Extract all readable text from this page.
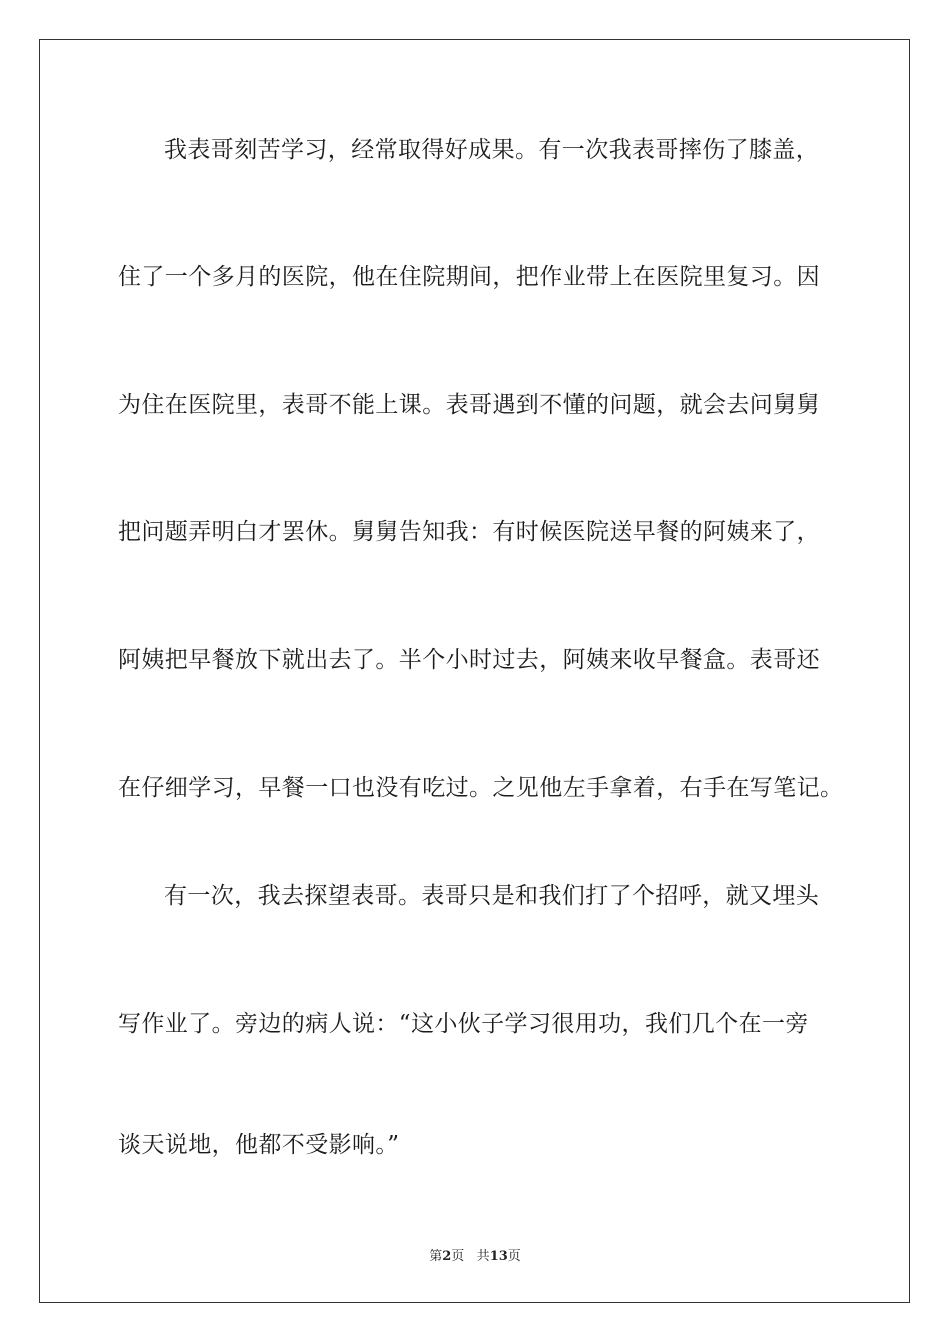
我表哥刻苦学习，经常取得好成果。有一次我表哥摔伤了膝盖，
住了一个多月的医院，他在住院期间，把作业带上在医院里复习。因
为住在医院里，表哥不能上课。表哥遇到不懂的问题，就会去问舅舅
把问题弄明白才罢休。舅舅告知我：有时候医院送早餐的阿姨来了，
阿姨把早餐放下就出去了。半个小时过去，阿姨来收早餐盒。表哥还
在仔细学习，早餐一口也没有吃过。之见他左手拿着，右手在写笔记。
有一次，我去探望表哥。表哥只是和我们打了个招呼，就又埋头
写作业了。旁边的病人说：“这小伙子学习很用功，我们几个在一旁
谈天说地，他都不受影响。”
第2页 共13页
